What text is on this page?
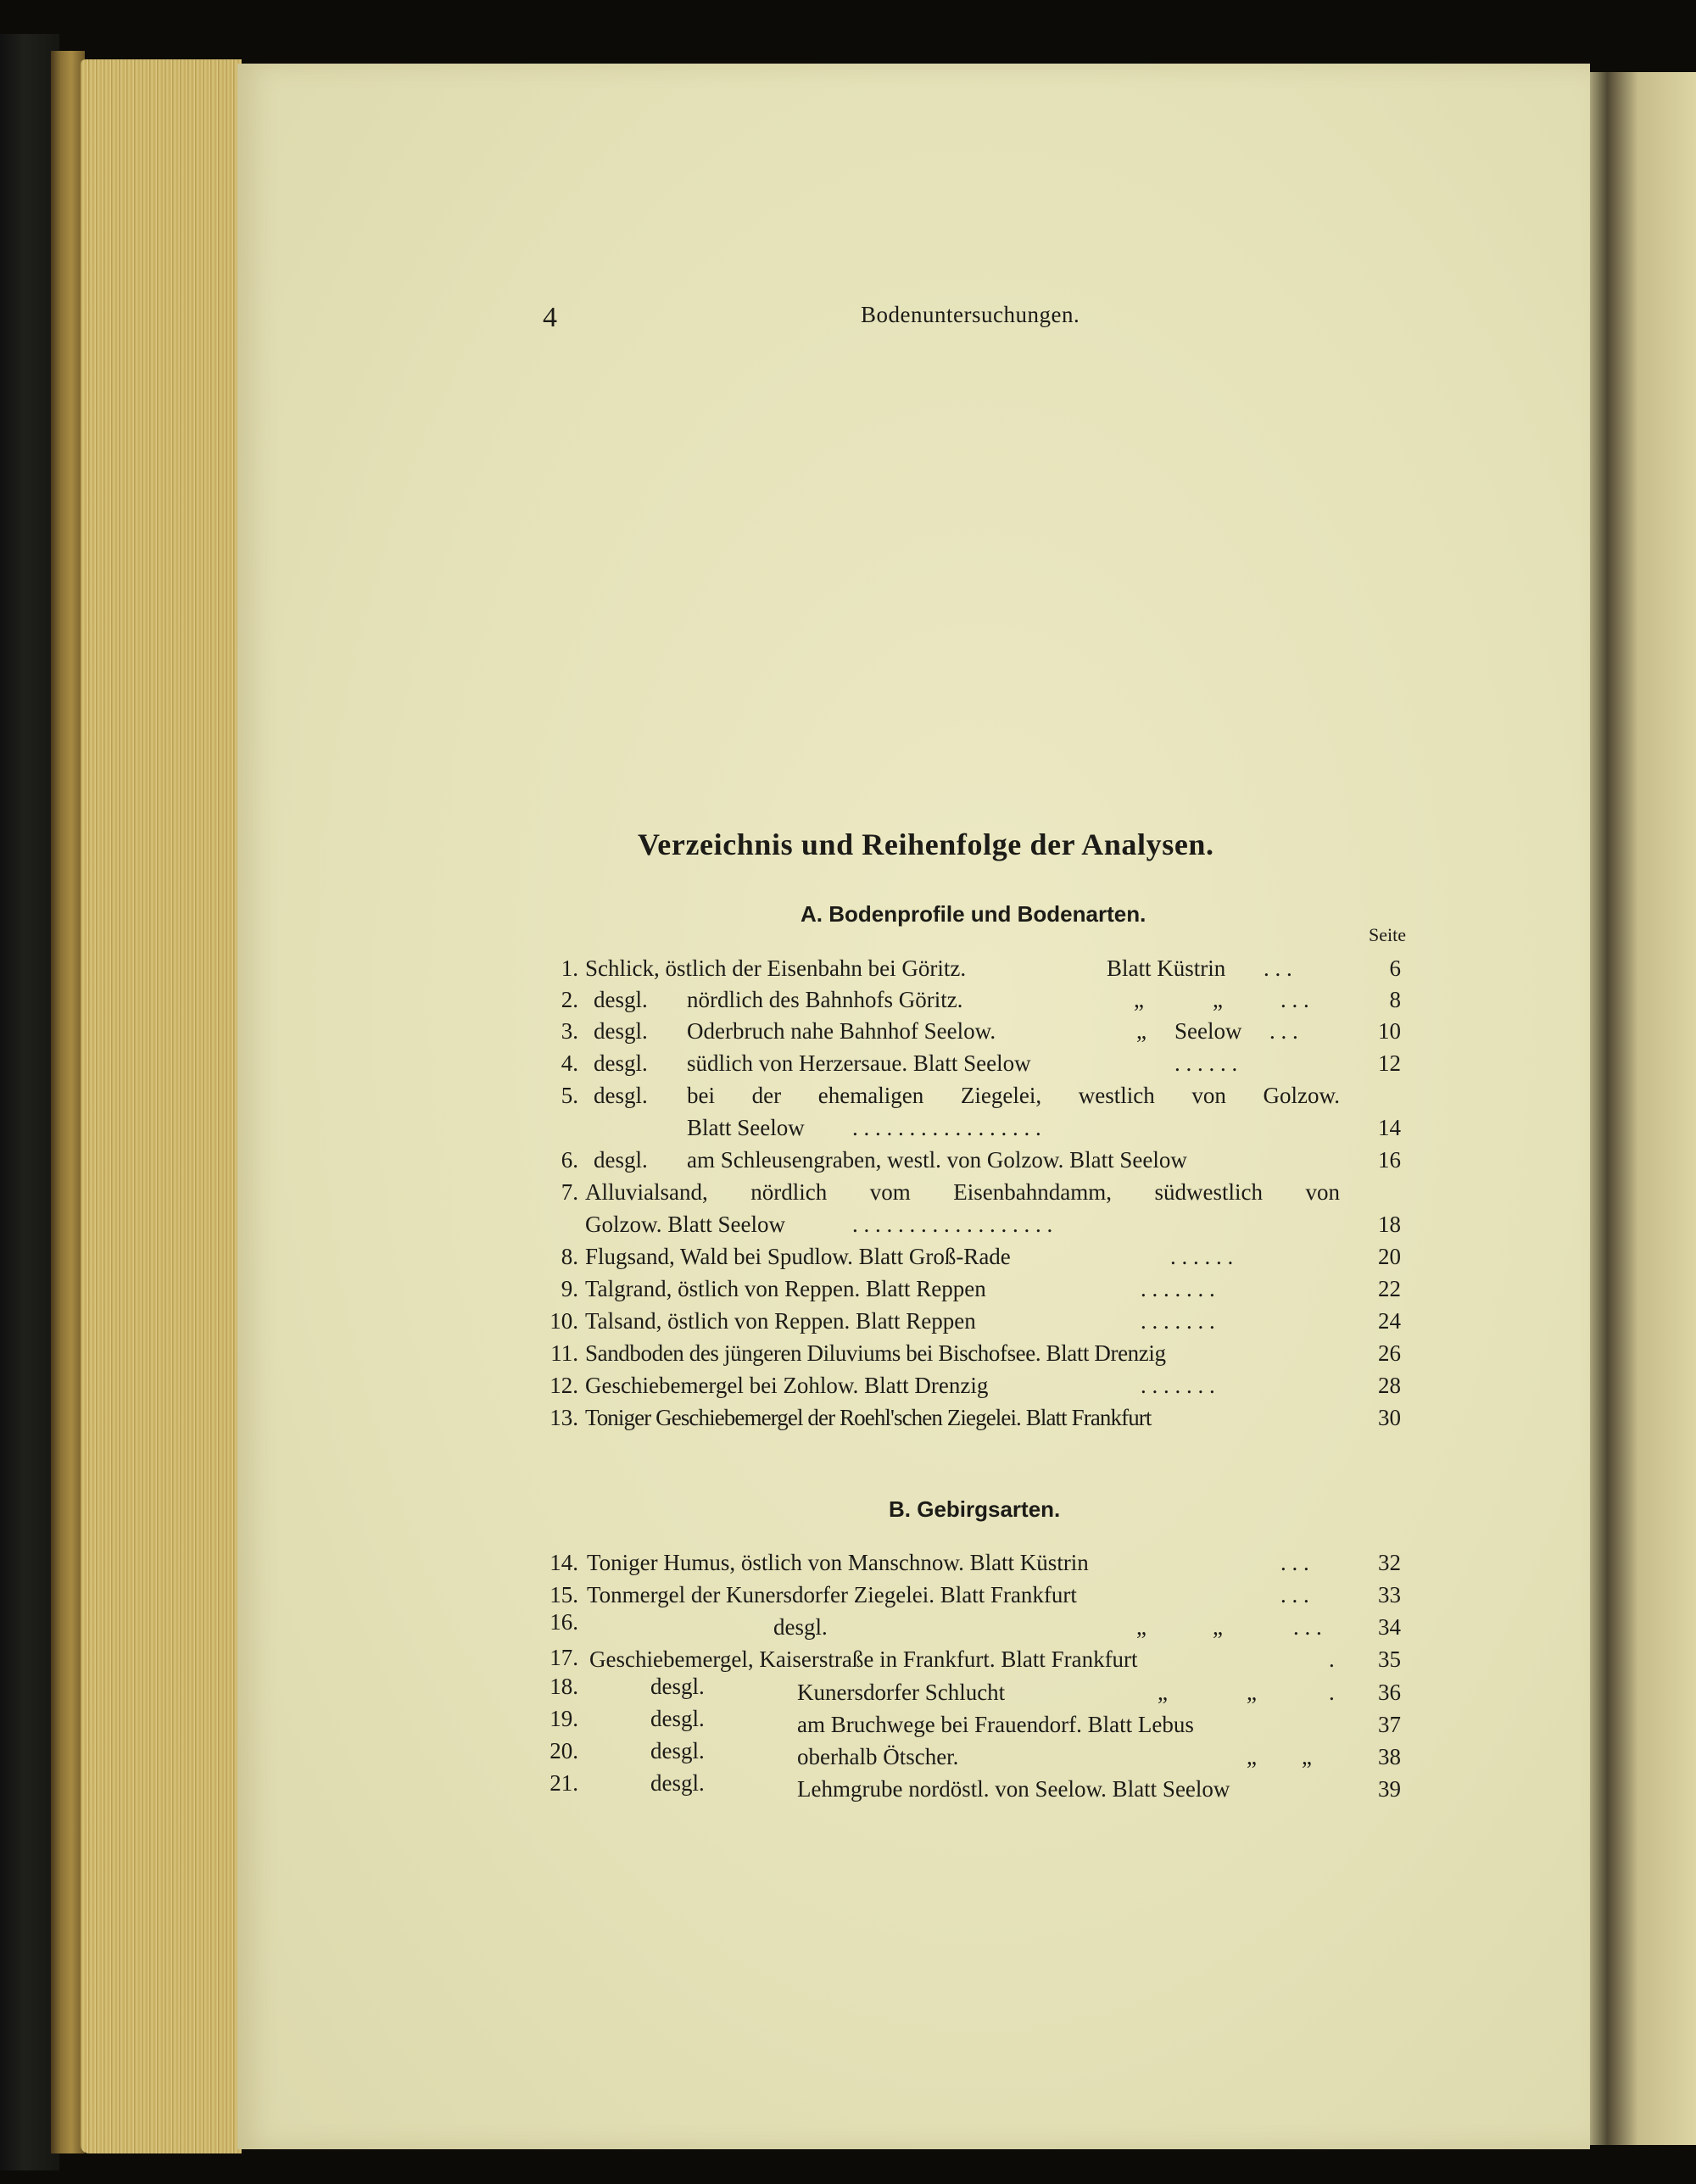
4	Bodenuntersuchungen.
Verzeichnis und Reihenfolge der Analysen.
A. Bodenprofile und Bodenarten.
Seite
1. Schlick, östlich der Eisenbahn bei Göritz.	Blatt Küstrin . . .	6
2. desgl. nördlich des Bahnhofs Göritz.	„	„	. . .	8
3. desgl. Oderbruch nahe Bahnhof Seelow.	„ Seelow . . .	10
4. desgl. südlich von Herzersaue. Blatt Seelow	. . . . . .	12
5. desgl. bei der ehemaligen Ziegelei, westlich von Golzow.
Blatt Seelow . . . . . . . . . . . . . . . . .	14
6. desgl. am Schleusengraben, westl. von Golzow. Blatt Seelow	16
7. Alluvialsand, nördlich vom Eisenbahndamm, südwestlich von
Golzow. Blatt Seelow	. . . . . . . . . . . . . . . . . .	18
8. Flugsand, Wald bei Spudlow. Blatt Groß-Rade	. . . . . .	20
9. Talgrand, östlich von Reppen. Blatt Reppen	. . . . . . .	22
10. Talsand, östlich von Reppen. Blatt Reppen	. . . . . . .	24
11. Sandboden des jüngeren Diluviums bei Bischofsee. Blatt Drenzig	26
12. Geschiebemergel bei Zohlow. Blatt Drenzig	. . . . . . .	28
13. Toniger Geschiebemergel der Roehl'schen Ziegelei. Blatt Frankfurt	30
B. Gebirgsarten.
14. Toniger Humus, östlich von Manschnow. Blatt Küstrin	. . .	32
15. Tonmergel der Kunersdorfer Ziegelei. Blatt Frankfurt	. . .	33
16.	desgl.	„	„	. . .	34
17. Geschiebemergel, Kaiserstraße in Frankfurt. Blatt Frankfurt	.	35
18.	desgl.	Kunersdorfer Schlucht	„	„	.	36
19.	desgl.	am Bruchwege bei Frauendorf. Blatt Lebus	37
20.	desgl.	oberhalb Ötscher.	„ „	38
21.	desgl.	Lehmgrube nordöstl. von Seelow. Blatt Seelow	39
